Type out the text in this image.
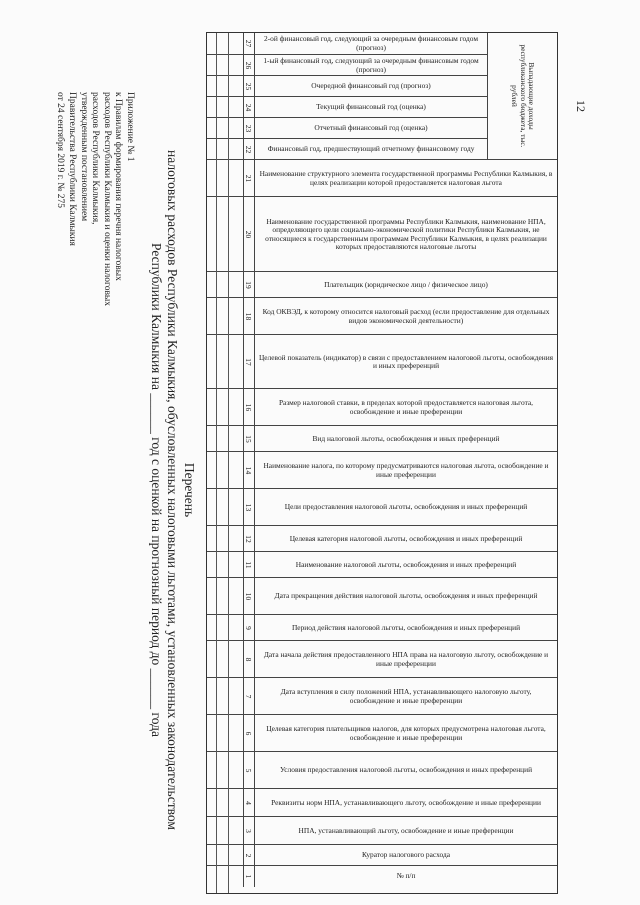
12
Приложение № 1
к Правилам формирования перечня налоговых
расходов Республики Калмыкия и оценки налоговых
расходов Республики Калмыкия,
утвержденным постановлением
Правительства Республики Калмыкия
от 24 сентября 2019 г. № 275
Перечень
налоговых расходов Республики Калмыкия, обусловленных налоговыми льготами, установленных законодательством
Республики Калмыкия на ______ год с оценкой на прогнозный период до ______ года
2-ой финансовый год, следующий за очередным финансовым годом (прогноз)
27
1-ый финансовый год, следующий за очередным финансовым годом (прогноз)
26
Очередной финансовый год (прогноз)
25
Текущий финансовый год (оценка)
24
Отчетный финансовый год (оценка)
23
Финансовый год, предшествующий отчетному финансовому году
22
Наименование структурного элемента государственной программы Республики Калмыкия, в целях реализации которой предоставляется налоговая льгота
21
Наименование государственной программы Республики Калмыкия, наименование НПА, определяющего цели социально-экономической политики Республики Калмыкия, не относящиеся к государственным программам Республики Калмыкия, в целях реализации которых предоставляются налоговые льготы
20
Плательщик (юридическое лицо / физическое лицо)
19
Код ОКВЭД, к которому относится налоговый расход (если предоставление для отдельных видов экономической деятельности)
18
Целевой показатель (индикатор) в связи с предоставлением налоговой льготы, освобождения и иных преференций
17
Размер налоговой ставки, в пределах которой предоставляется налоговая льгота, освобождение и иные преференции
16
Вид налоговой льготы, освобождения и иных преференций
15
Наименование налога, по которому предусматриваются налоговая льгота, освобождение и иные преференции
14
Цели предоставления налоговой льготы, освобождения и иных преференций
13
Целевая категория налоговой льготы, освобождения и иных преференций
12
Наименование налоговой льготы, освобождения и иных преференций
11
Дата прекращения действия налоговой льготы, освобождения и иных преференций
10
Период действия налоговой льготы, освобождения и иных преференций
9
Дата начала действия предоставленного НПА права на налоговую льготу, освобождение и иные преференции
8
Дата вступления в силу положений НПА, устанавливающего налоговую льготу, освобождение и иные преференции
7
Целевая категория плательщиков налогов, для которых предусмотрена налоговая льгота, освобождение и иные преференции
6
Условия предоставления налоговой льготы, освобождения и иных преференций
5
Реквизиты норм НПА, устанавливающего льготу, освобождение и иные преференции
4
НПА, устанавливающий льготу, освобождение и иные преференции
3
Куратор налогового расхода
2
№ п/п
1
Выпадающие доходы республиканского бюджета, тыс. рублей
